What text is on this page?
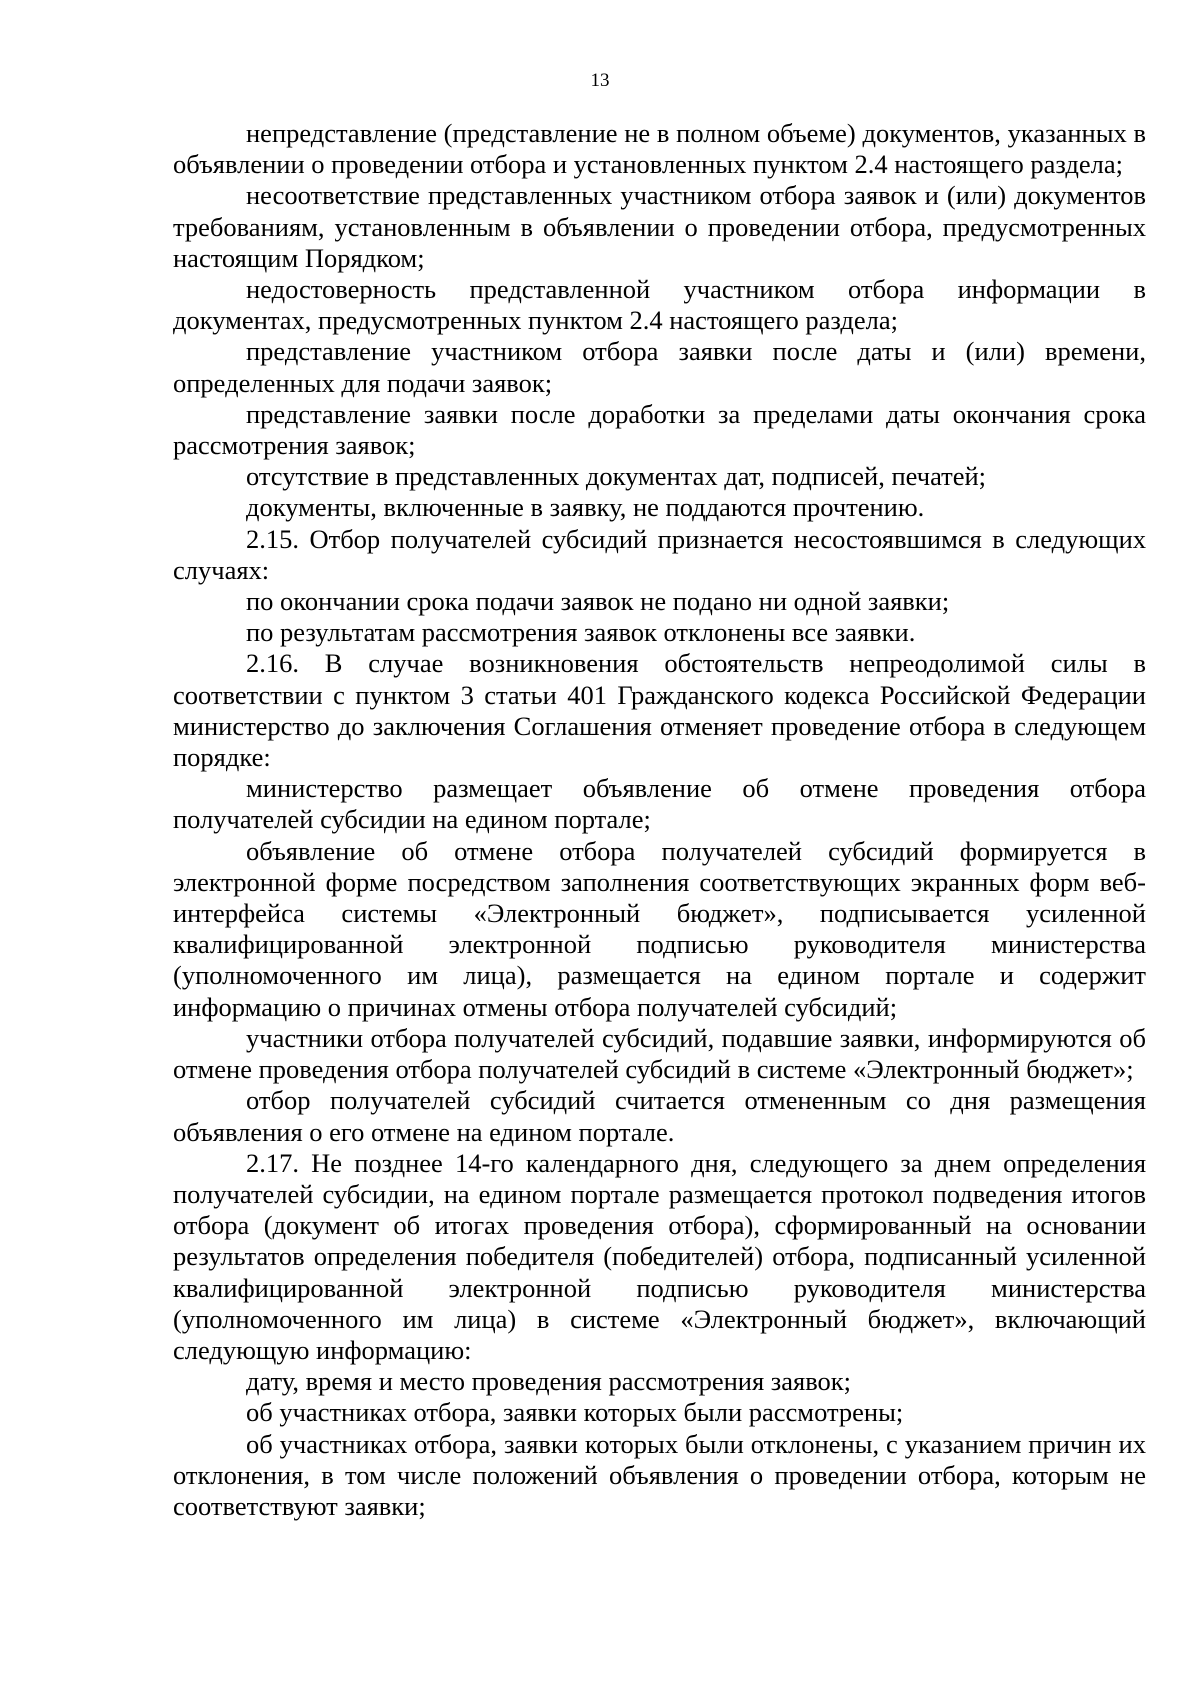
13

непредставление (представление не в полном объеме) документов, указанных в объявлении о проведении отбора и установленных пунктом 2.4 настоящего раздела;

несоответствие представленных участником отбора заявок и (или) документов требованиям, установленным в объявлении о проведении отбора, предусмотренных настоящим Порядком;

недостоверность представленной участником отбора информации в документах, предусмотренных пунктом 2.4 настоящего раздела;

представление участником отбора заявки после даты и (или) времени, определенных для подачи заявок;

представление заявки после доработки за пределами даты окончания срока рассмотрения заявок;

отсутствие в представленных документах дат, подписей, печатей;

документы, включенные в заявку, не поддаются прочтению.

2.15. Отбор получателей субсидий признается несостоявшимся в следующих случаях:

по окончании срока подачи заявок не подано ни одной заявки;

по результатам рассмотрения заявок отклонены все заявки.

2.16. В случае возникновения обстоятельств непреодолимой силы в соответствии с пунктом 3 статьи 401 Гражданского кодекса Российской Федерации министерство до заключения Соглашения отменяет проведение отбора в следующем порядке:

министерство размещает объявление об отмене проведения отбора получателей субсидии на едином портале;

объявление об отмене отбора получателей субсидий формируется в электронной форме посредством заполнения соответствующих экранных форм веб-интерфейса системы «Электронный бюджет», подписывается усиленной квалифицированной электронной подписью руководителя министерства (уполномоченного им лица), размещается на едином портале и содержит информацию о причинах отмены отбора получателей субсидий;

участники отбора получателей субсидий, подавшие заявки, информируются об отмене проведения отбора получателей субсидий в системе «Электронный бюджет»;

отбор получателей субсидий считается отмененным со дня размещения объявления о его отмене на едином портале.

2.17. Не позднее 14-го календарного дня, следующего за днем определения получателей субсидии, на едином портале размещается протокол подведения итогов отбора (документ об итогах проведения отбора), сформированный на основании результатов определения победителя (победителей) отбора, подписанный усиленной квалифицированной электронной подписью руководителя министерства (уполномоченного им лица) в системе «Электронный бюджет», включающий следующую информацию:

дату, время и место проведения рассмотрения заявок;

об участниках отбора, заявки которых были рассмотрены;

об участниках отбора, заявки которых были отклонены, с указанием причин их отклонения, в том числе положений объявления о проведении отбора, которым не соответствуют заявки;
